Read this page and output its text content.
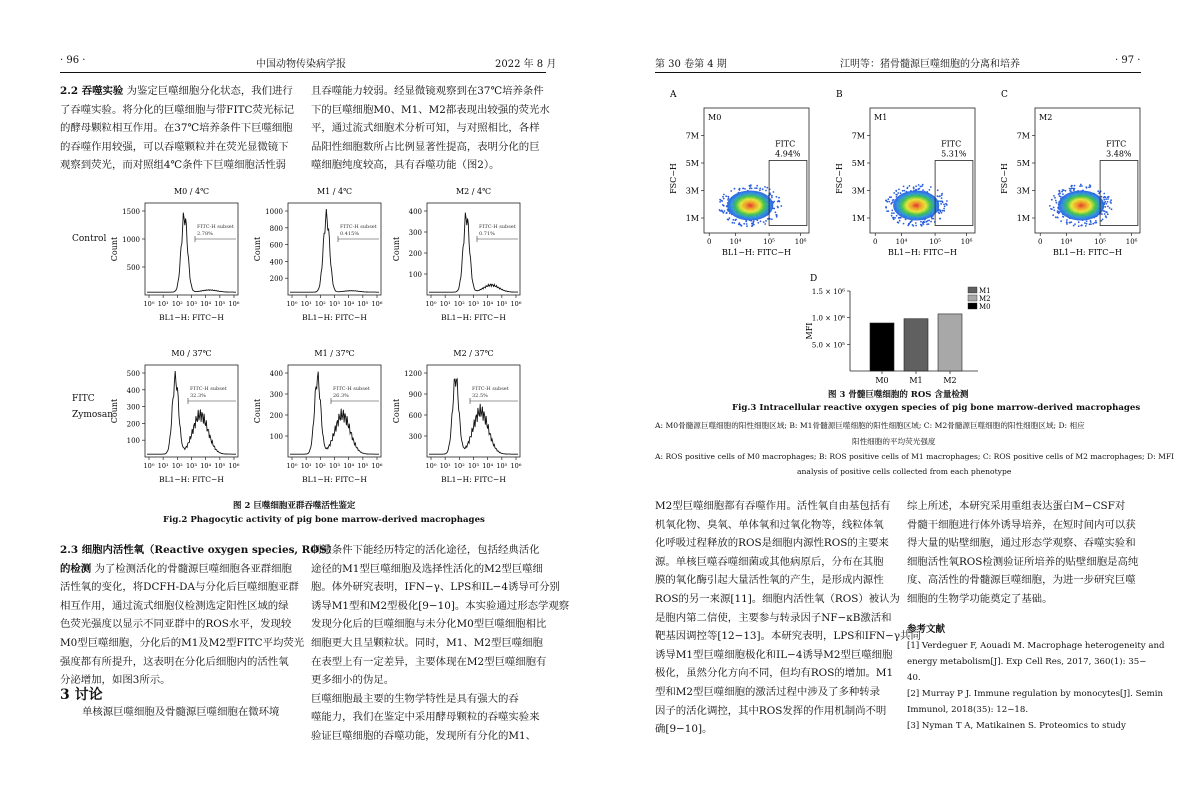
· 96 ·	中国动物传染病学报	2022 年 8 月
2.2 吞噬实验 为鉴定巨噬细胞分化状态，我们进行
了吞噬实验。将分化的巨噬细胞与带FITC荧光标记
的酵母颗粒相互作用。在37℃培养条件下巨噬细胞
的吞噬作用较强，可以吞噬颗粒并在荧光显微镜下
观察到荧光，而对照组4℃条件下巨噬细胞活性弱
且吞噬能力较弱。经显微镜观察到在37℃培养条件
下的巨噬细胞M0、M1、M2都表现出较强的荧光水
平，通过流式细胞术分析可知，与对照相比，各样
品阳性细胞数所占比例显著性提高，表明分化的巨
噬细胞纯度较高，具有吞噬功能（图2）。
Control
FITC
Zymosan
M0 / 4℃
500
1000
1500
Count
10⁰ 10¹ 10² 10³ 10⁴ 10⁵ 10⁶
BL1−H: FITC−H
FITC-H subset
2.78%
M1 / 4℃
200
400
600
800
1000
Count
10⁰ 10¹ 10² 10³ 10⁴ 10⁵ 10⁶
BL1−H: FITC−H
FITC-H subset
0.415%
M2 / 4℃
100
200
300
400
Count
10⁰ 10¹ 10² 10³ 10⁴ 10⁵ 10⁶
BL1−H: FITC−H
FITC-H subset
0.71%
M0 / 37℃
100
200
300
400
500
Count
10⁰ 10¹ 10² 10³ 10⁴ 10⁵ 10⁶
BL1−H: FITC−H
FITC-H subset
32.3%
M1 / 37℃
100
200
300
400
Count
10⁰ 10¹ 10² 10³ 10⁴ 10⁵ 10⁶
BL1−H: FITC−H
FITC-H subset
26.3%
M2 / 37℃
300
600
900
1200
Count
10⁰ 10¹ 10² 10³ 10⁴ 10⁵ 10⁶
BL1−H: FITC−H
FITC-H subset
32.5%
图 2 巨噬细胞亚群吞噬活性鉴定
Fig.2 Phagocytic activity of pig bone marrow-derived macrophages
2.3 细胞内活性氧（Reactive oxygen species, ROS）
的检测 为了检测活化的骨髓源巨噬细胞各亚群细胞
活性氧的变化，将DCFH-DA与分化后巨噬细胞亚群
相互作用，通过流式细胞仪检测选定阳性区域的绿
色荧光强度以显示不同亚群中的ROS水平，发现较
M0型巨噬细胞，分化后的M1及M2型FITC平均荧光
强度都有所提升，这表明在分化后细胞内的活性氧
分泌增加，如图3所示。
3 讨论
单核源巨噬细胞及骨髓源巨噬细胞在微环境
刺激条件下能经历特定的活化途径，包括经典活化
途径的M1型巨噬细胞及选择性活化的M2型巨噬细
胞。体外研究表明，IFN−γ、LPS和IL−4诱导可分别
诱导M1型和M2型极化[9−10]。本实验通过形态学观察
发现分化后的巨噬细胞与未分化M0型巨噬细胞相比
细胞更大且呈颗粒状。同时，M1、M2型巨噬细胞
在表型上有一定差异，主要体现在M2型巨噬细胞有
更多细小的伪足。
巨噬细胞最主要的生物学特性是具有强大的吞
噬能力，我们在鉴定中采用酵母颗粒的吞噬实验来
验证巨噬细胞的吞噬功能，发现所有分化的M1、
第 30 卷第 4 期	江明等：猪骨髓源巨噬细胞的分离和培养	· 97 ·
A
M0
7M
5M
3M
1M
FSC−H
0	10⁴	10⁵	10⁶
BL1−H: FITC−H
FITC
4.94%
B
M1
7M
5M
3M
1M
FSC−H
0	10⁴	10⁵	10⁶
BL1−H: FITC−H
FITC
5.31%
C
M2
7M
5M
3M
1M
FSC−H
0	10⁴	10⁵	10⁶
BL1−H: FITC−H
FITC
3.48%
D
5.0 × 10⁵
1.0 × 10⁶
1.5 × 10⁶
MFI
M0	M1	M2
M1
M2
M0
图 3 骨髓巨噬细胞的 ROS 含量检测
Fig.3 Intracellular reactive oxygen species of pig bone marrow-derived macrophages
A: M0骨髓源巨噬细胞的阳性细胞区域; B: M1骨髓源巨噬细胞的阳性细胞区域; C: M2骨髓源巨噬细胞的阳性细胞区域; D: 相应
阳性细胞的平均荧光强度
A: ROS positive cells of M0 macrophages; B: ROS positive cells of M1 macrophages; C: ROS positive cells of M2 macrophages; D: MFI
analysis of positive cells collected from each phenotype
M2型巨噬细胞都有吞噬作用。活性氧自由基包括有
机氧化物、臭氧、单体氧和过氧化物等，线粒体氧
化呼吸过程释放的ROS是细胞内源性ROS的主要来
源。单核巨噬吞噬细菌或其他病原后，分布在其胞
膜的氧化酶引起大量活性氧的产生，是形成内源性
ROS的另一来源[11]。细胞内活性氧（ROS）被认为
是胞内第二信使，主要参与转录因子NF−κB激活和
靶基因调控等[12−13]。本研究表明，LPS和IFN−γ共同
诱导M1型巨噬细胞极化和IL−4诱导M2型巨噬细胞
极化，虽然分化方向不同，但均有ROS的增加。M1
型和M2型巨噬细胞的激活过程中涉及了多种转录
因子的活化调控，其中ROS发挥的作用机制尚不明
确[9−10]。
综上所述，本研究采用重组表达蛋白M−CSF对
骨髓干细胞进行体外诱导培养，在短时间内可以获
得大量的贴壁细胞，通过形态学观察、吞噬实验和
细胞活性氧ROS检测验证所培养的贴壁细胞是高纯
度、高活性的骨髓源巨噬细胞，为进一步研究巨噬
细胞的生物学功能奠定了基础。
参考文献
[1] Verdeguer F, Aouadi M. Macrophage heterogeneity and
energy metabolism[J]. Exp Cell Res, 2017, 360(1): 35−
40.
[2] Murray P J. Immune regulation by monocytes[J]. Semin
Immunol, 2018(35): 12−18.
[3] Nyman T A, Matikainen S. Proteomics to study
